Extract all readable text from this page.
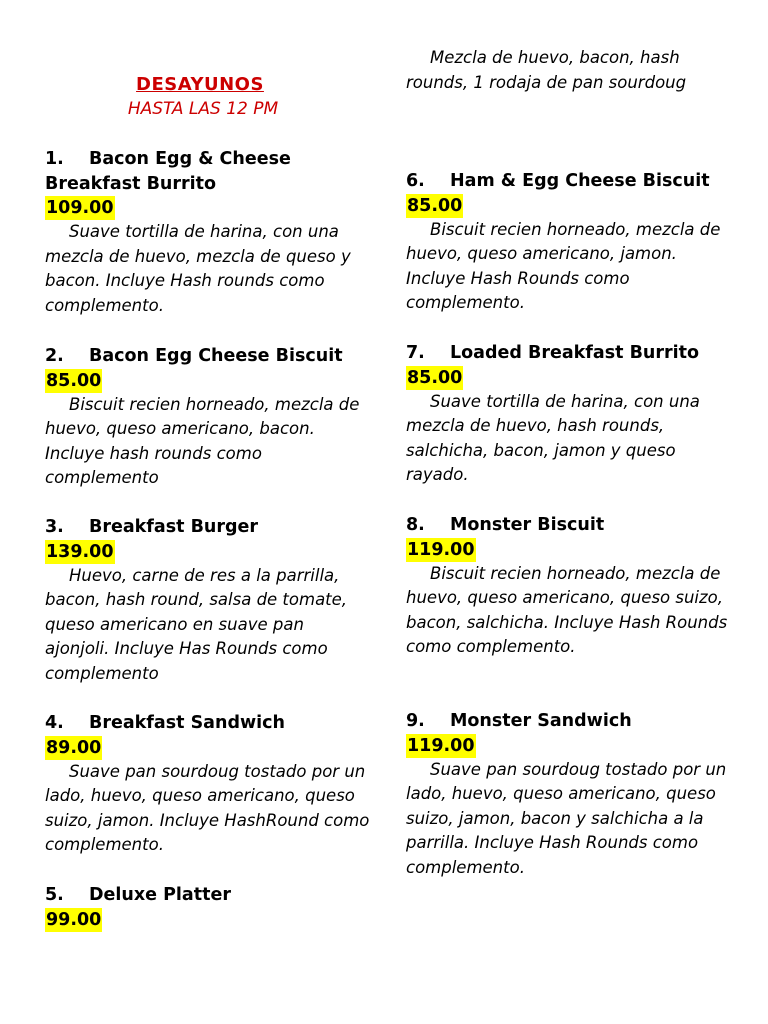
DESAYUNOS
HASTA LAS 12 PM
1. Bacon Egg & Cheese
Breakfast Burrito
109.00

Suave tortilla de harina, con una mezcla de huevo, mezcla de queso y bacon. Incluye Hash rounds como complemento.

2. Bacon Egg Cheese Biscuit
85.00

Biscuit recien horneado, mezcla de huevo, queso americano, bacon. Incluye hash rounds como complemento

3. Breakfast Burger
139.00

Huevo, carne de res a la parrilla, bacon, hash round, salsa de tomate, queso americano en suave pan ajonjoli. Incluye Has Rounds como complemento

4. Breakfast Sandwich
89.00

Suave pan sourdoug tostado por un lado, huevo, queso americano, queso suizo, jamon. Incluye HashRound como complemento.

5. Deluxe Platter
99.00

Mezcla de huevo, bacon, hash rounds, 1 rodaja de pan sourdoug

6. Ham & Egg Cheese Biscuit
85.00

Biscuit recien horneado, mezcla de huevo, queso americano, jamon. Incluye Hash Rounds como complemento.

7. Loaded Breakfast Burrito
85.00

Suave tortilla de harina, con una mezcla de huevo, hash rounds, salchicha, bacon, jamon y queso rayado.

8. Monster Biscuit
119.00

Biscuit recien horneado, mezcla de huevo, queso americano, queso suizo, bacon, salchicha. Incluye Hash Rounds como complemento.

9. Monster Sandwich
119.00

Suave pan sourdoug tostado por un lado, huevo, queso americano, queso suizo, jamon, bacon y salchicha a la parrilla. Incluye Hash Rounds como complemento.
